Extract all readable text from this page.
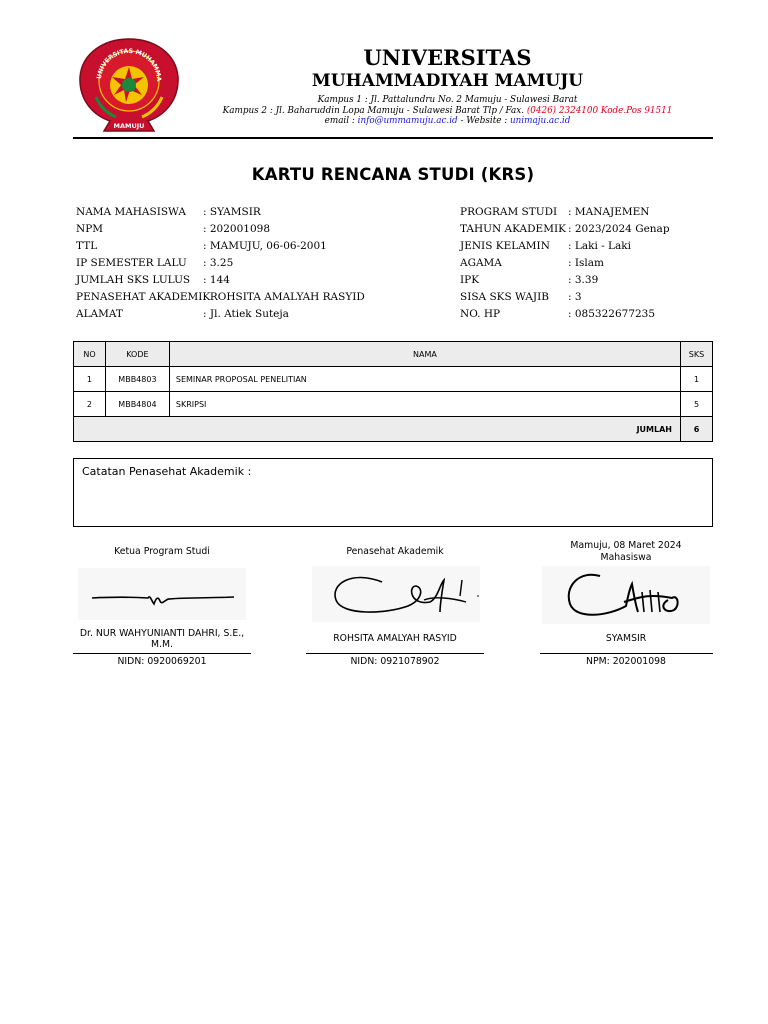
UNIVERSITAS MUHAMMA
MAMUJU
UNIVERSITAS
MUHAMMADIYAH MAMUJU
Kampus 1 : Jl. Pattalundru No. 2 Mamuju - Sulawesi Barat
Kampus 2 : Jl. Baharuddin Lopa Mamuju - Sulawesi Barat Tlp / Fax. (0426) 2324100 Kode.Pos 91511
email : info@ummamuju.ac.id - Website : unimaju.ac.id
KARTU RENCANA STUDI (KRS)
NAMA MAHASISWA : SYAMSIR
NPM	: 202001098
TTL	: MAMUJU, 06-06-2001
IP SEMESTER LALU : 3.25
JUMLAH SKS LULUS : 144
PENASEHAT AKADEMIK
: ROHSITA AMALYAH RASYID
ALAMAT	: Jl. Atiek Suteja
PROGRAM STUDI : MANAJEMEN
TAHUN AKADEMIK : 2023/2024 Genap
JENIS KELAMIN : Laki - Laki
AGAMA	: Islam
IPK	: 3.39
SISA SKS WAJIB : 3
NO. HP	: 085322677235
NO	KODE	NAMA	SKS
1	MBB4803	SEMINAR PROPOSAL PENELITIAN	1
2	MBB4804	SKRIPSI	5
JUMLAH			6
Catatan Penasehat Akademik :
Ketua Program Studi	Penasehat Akademik
Mamuju, 08 Maret 2024
Mahasiswa
Dr. NUR WAHYUNIANTI DAHRI, S.E.,
M.M.
ROHSITA AMALYAH RASYID	SYAMSIR
NIDN: 0920069201	NIDN: 0921078902	NPM: 202001098
